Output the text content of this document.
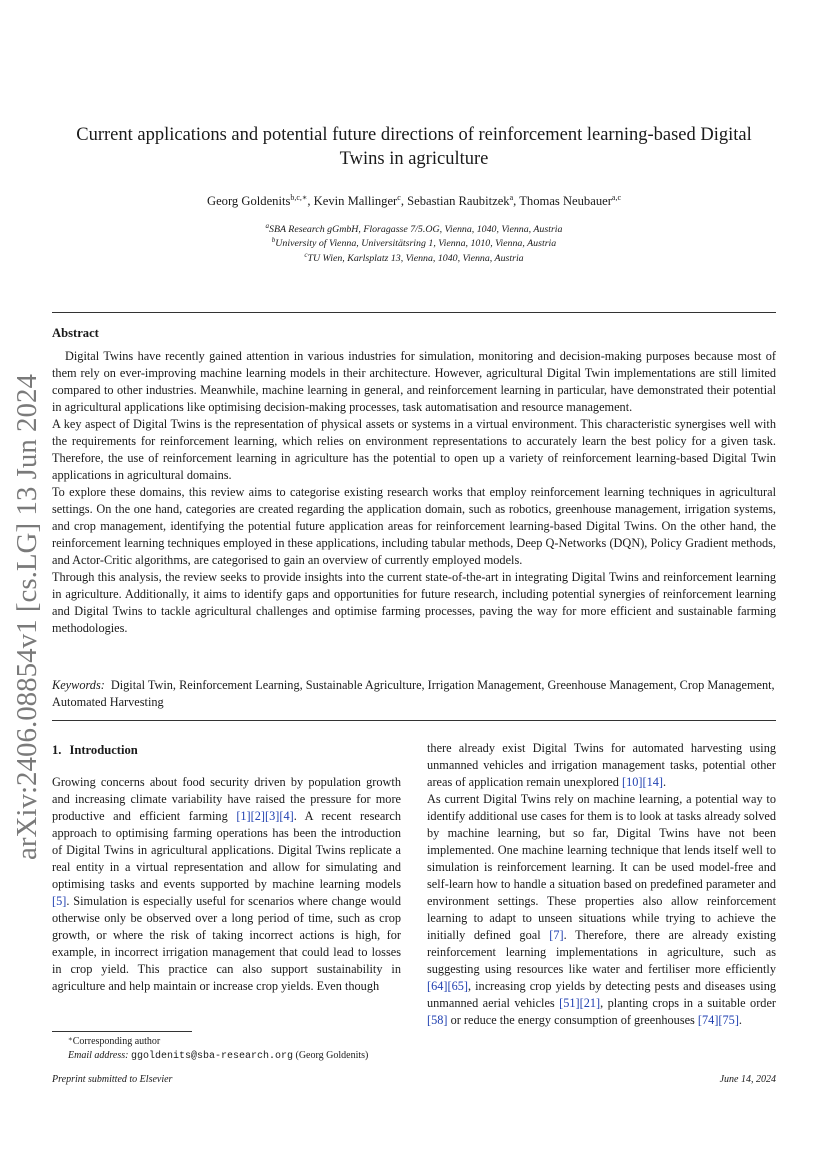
arXiv:2406.08854v1 [cs.LG] 13 Jun 2024
Current applications and potential future directions of reinforcement learning-based Digital Twins in agriculture
Georg Goldenits$^{b,c,∗}$, Kevin Mallinger$^c$, Sebastian Raubitzek$^a$, Thomas Neubauer$^{a,c}$
$^a$SBA Research gGmbH, Floragasse 7/5.OG, Vienna, 1040, Vienna, Austria
$^b$University of Vienna, Universitätsring 1, Vienna, 1010, Vienna, Austria
$^c$TU Wien, Karlsplatz 13, Vienna, 1040, Vienna, Austria
Abstract

Digital Twins have recently gained attention in various industries for simulation, monitoring and decision-making purposes because most of them rely on ever-improving machine learning models in their architecture. However, agricultural Digital Twin implementations are still limited compared to other industries. Meanwhile, machine learning in general, and reinforcement learning in particular, have demonstrated their potential in agricultural applications like optimising decision-making processes, task automatisation and resource management.

A key aspect of Digital Twins is the representation of physical assets or systems in a virtual environment. This characteristic synergises well with the requirements for reinforcement learning, which relies on environment representations to accurately learn the best policy for a given task. Therefore, the use of reinforcement learning in agriculture has the potential to open up a variety of reinforcement learning-based Digital Twin applications in agricultural domains.

To explore these domains, this review aims to categorise existing research works that employ reinforcement learning techniques in agricultural settings. On the one hand, categories are created regarding the application domain, such as robotics, greenhouse management, irrigation systems, and crop management, identifying the potential future application areas for reinforcement learning-based Digital Twins. On the other hand, the reinforcement learning techniques employed in these applications, including tabular methods, Deep Q-Networks (DQN), Policy Gradient methods, and Actor-Critic algorithms, are categorised to gain an overview of currently employed models.

Through this analysis, the review seeks to provide insights into the current state-of-the-art in integrating Digital Twins and reinforcement learning in agriculture. Additionally, it aims to identify gaps and opportunities for future research, including potential synergies of reinforcement learning and Digital Twins to tackle agricultural challenges and optimise farming processes, paving the way for more efficient and sustainable farming methodologies.

Keywords: Digital Twin, Reinforcement Learning, Sustainable Agriculture, Irrigation Management, Greenhouse Management, Crop Management, Automated Harvesting

1. Introduction

Growing concerns about food security driven by population growth and increasing climate variability have raised the pressure for more productive and efficient farming [1][2][3][4]. A recent research approach to optimising farming operations has been the introduction of Digital Twins in agricultural applications. Digital Twins replicate a real entity in a virtual representation and allow for simulating and optimising tasks and events supported by machine learning models [5]. Simulation is especially useful for scenarios where change would otherwise only be observed over a long period of time, such as crop growth, or where the risk of taking incorrect actions is high, for example, in incorrect irrigation management that could lead to losses in crop yield. This practice can also support sustainability in agriculture and help maintain or increase crop yields. Even though

there already exist Digital Twins for automated harvesting using unmanned vehicles and irrigation management tasks, potential other areas of application remain unexplored [10][14].

As current Digital Twins rely on machine learning, a potential way to identify additional use cases for them is to look at tasks already solved by machine learning, but so far, Digital Twins have not been implemented. One machine learning technique that lends itself well to simulation is reinforcement learning. It can be used model-free and self-learn how to handle a situation based on predefined parameter and environment settings. These properties also allow reinforcement learning to adapt to unseen situations while trying to achieve the initially defined goal [7]. Therefore, there are already existing reinforcement learning implementations in agriculture, such as suggesting using resources like water and fertiliser more efficiently [64][65], increasing crop yields by detecting pests and diseases using unmanned aerial vehicles [51][21], planting crops in a suitable order [58] or reduce the energy consumption of greenhouses [74][75].

∗Corresponding author
Email address: ggoldenits@sba-research.org (Georg Goldenits)
Preprint submitted to Elsevier	June 14, 2024
